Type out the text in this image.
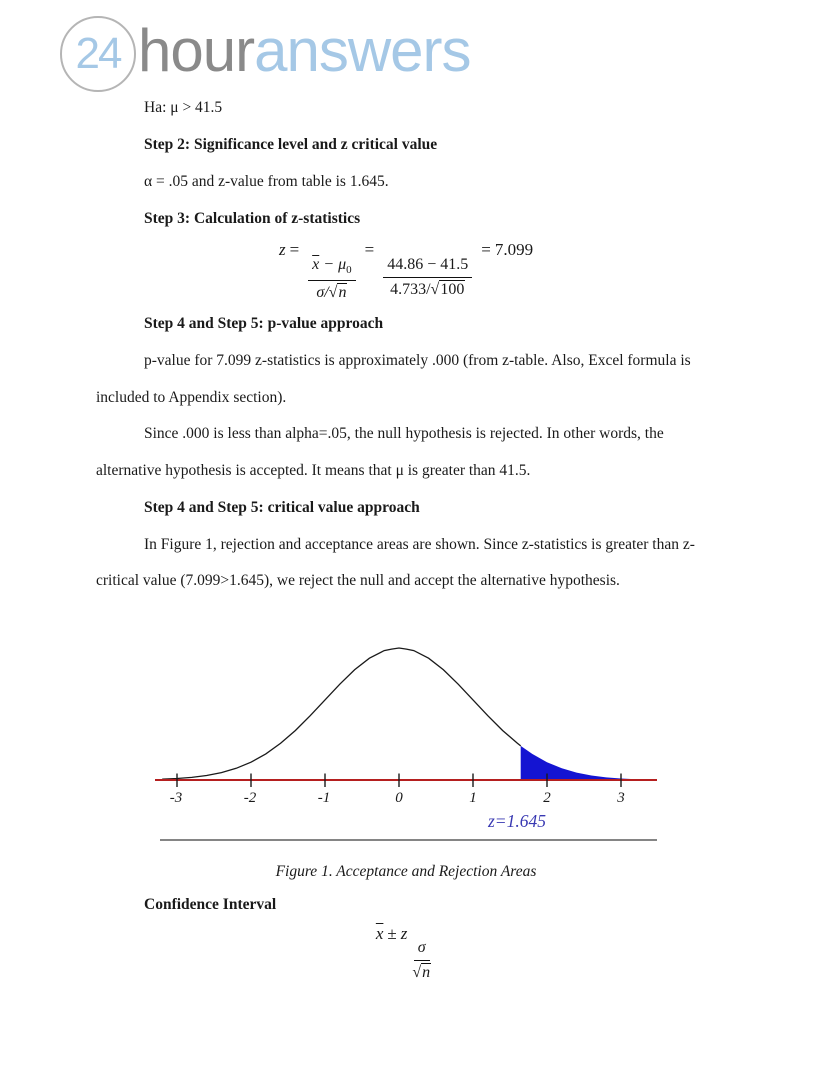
24 hour answers
Ha: μ > 41.5
Step 2: Significance level and z critical value
α = .05 and z-value from table is 1.645.
Step 3: Calculation of z-statistics
z =
$\frac{\overline{x} - \mu_0}{\sigma/√n}$
=
$\frac{44.86 - 41.5}{4.733/√100}$
= 7.099
Step 4 and Step 5: p-value approach
p-value for 7.099 z-statistics is approximately .000 (from z-table. Also, Excel formula is
included to Appendix section).
Since .000 is less than alpha=.05, the null hypothesis is rejected. In other words, the
alternative hypothesis is accepted. It means that μ is greater than 41.5.
Step 4 and Step 5: critical value approach
In Figure 1, rejection and acceptance areas are shown. Since z-statistics is greater than z-
critical value (7.099>1.645), we reject the null and accept the alternative hypothesis.
-3	-2	-1	0	1	2	3
z=1.645
Figure 1. Acceptance and Rejection Areas
Confidence Interval
$\overline{x} \pm z$
$\frac{\sigma}{√n}$
